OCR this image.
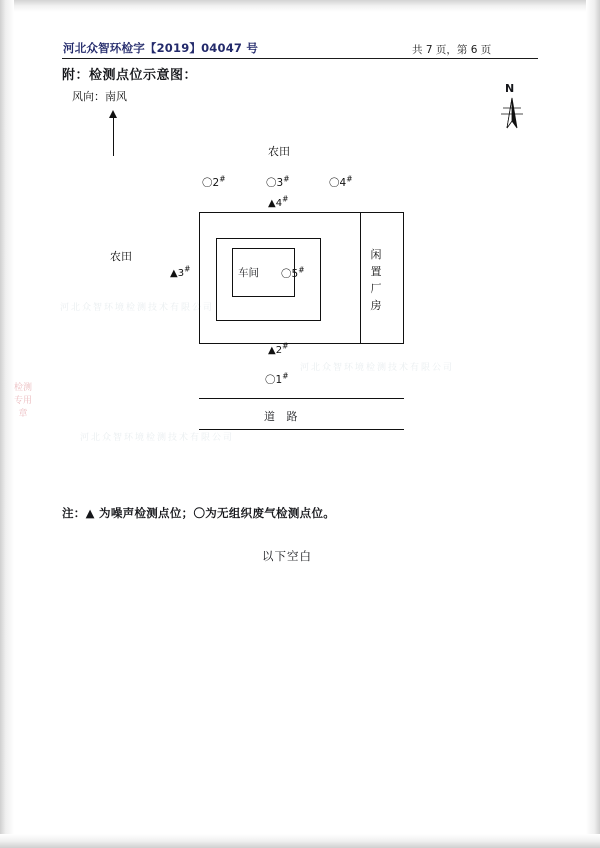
河北众智环境检测技术有限公司
河北众智环境检测技术有限公司
河北众智环境检测技术有限公司
河北众智环检字【2019】04047 号	共 7 页，第 6 页
附：检测点位示意图：
风向：南风
N
农田
农田
〇2#	〇3#	〇4#
▲4#
闲置厂房
车间
▲3#	〇5#
▲2#
〇1#
道 路
检测专用章
注：▲ 为噪声检测点位；〇为无组织废气检测点位。
以下空白
